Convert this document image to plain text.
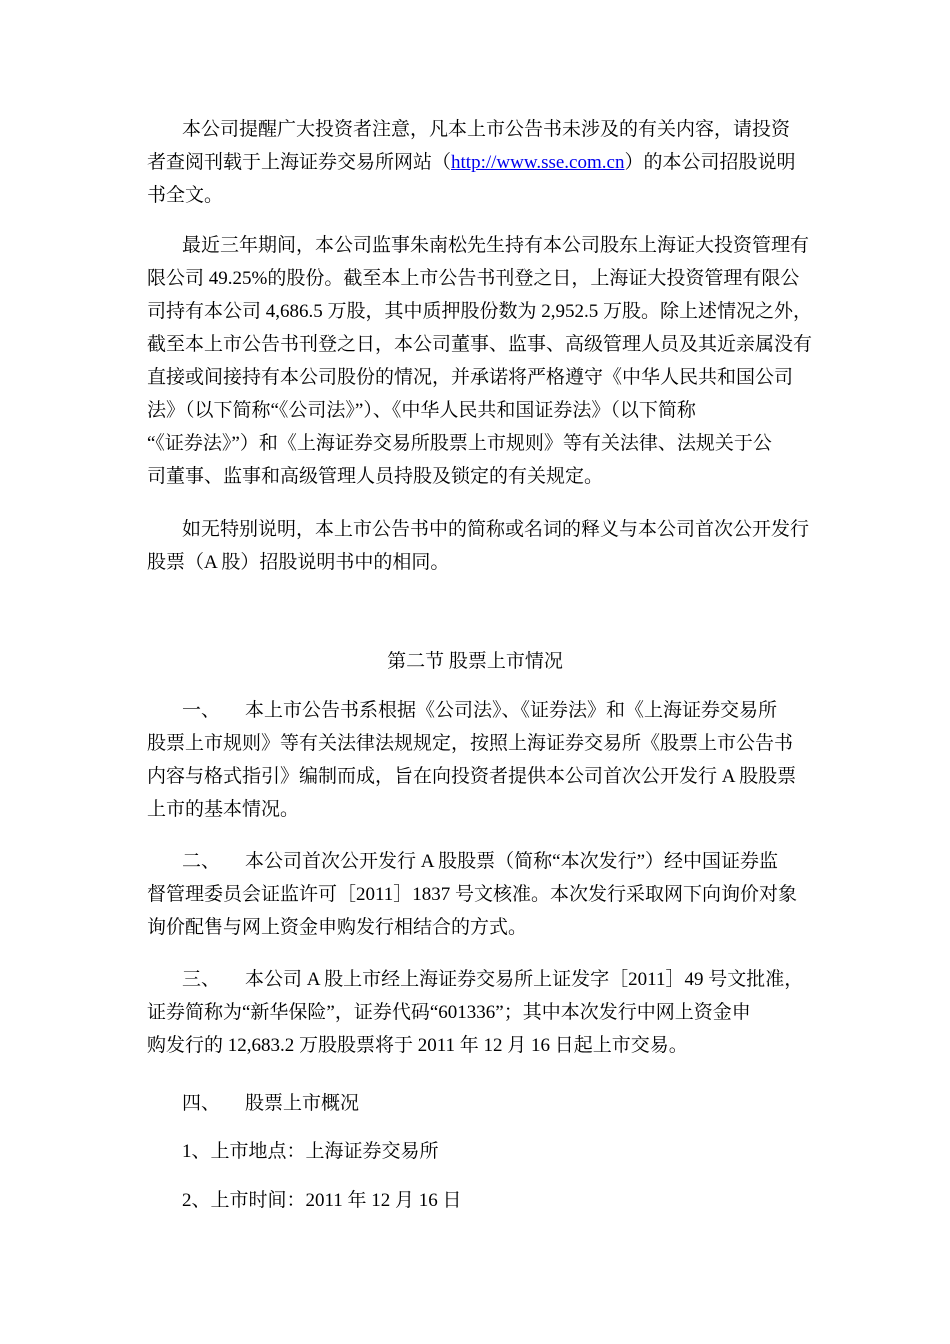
本公司提醒广大投资者注意，凡本上市公告书未涉及的有关内容，请投资
者查阅刊载于上海证券交易所网站（http://www.sse.com.cn）的本公司招股说明
书全文。
最近三年期间，本公司监事朱南松先生持有本公司股东上海证大投资管理有
限公司 49.25%的股份。截至本上市公告书刊登之日，上海证大投资管理有限公
司持有本公司 4,686.5 万股，其中质押股份数为 2,952.5 万股。除上述情况之外，
截至本上市公告书刊登之日，本公司董事、监事、高级管理人员及其近亲属没有
直接或间接持有本公司股份的情况，并承诺将严格遵守《中华人民共和国公司
法》（以下简称“《公司法》”）、《中华人民共和国证券法》（以下简称
“《证券法》”）和《上海证券交易所股票上市规则》等有关法律、法规关于公
司董事、监事和高级管理人员持股及锁定的有关规定。
如无特别说明，本上市公告书中的简称或名词的释义与本公司首次公开发行
股票（A 股）招股说明书中的相同。
第二节 股票上市情况
一、 本上市公告书系根据《公司法》、《证券法》和《上海证券交易所
股票上市规则》等有关法律法规规定，按照上海证券交易所《股票上市公告书
内容与格式指引》编制而成，旨在向投资者提供本公司首次公开发行 A 股股票
上市的基本情况。
二、 本公司首次公开发行 A 股股票（简称“本次发行”）经中国证券监
督管理委员会证监许可［2011］1837 号文核准。本次发行采取网下向询价对象
询价配售与网上资金申购发行相结合的方式。
三、 本公司 A 股上市经上海证券交易所上证发字［2011］49 号文批准，
证券简称为“新华保险”，证券代码“601336”；其中本次发行中网上资金申
购发行的 12,683.2 万股股票将于 2011 年 12 月 16 日起上市交易。
四、 股票上市概况
1、上市地点：上海证券交易所
2、上市时间：2011 年 12 月 16 日
